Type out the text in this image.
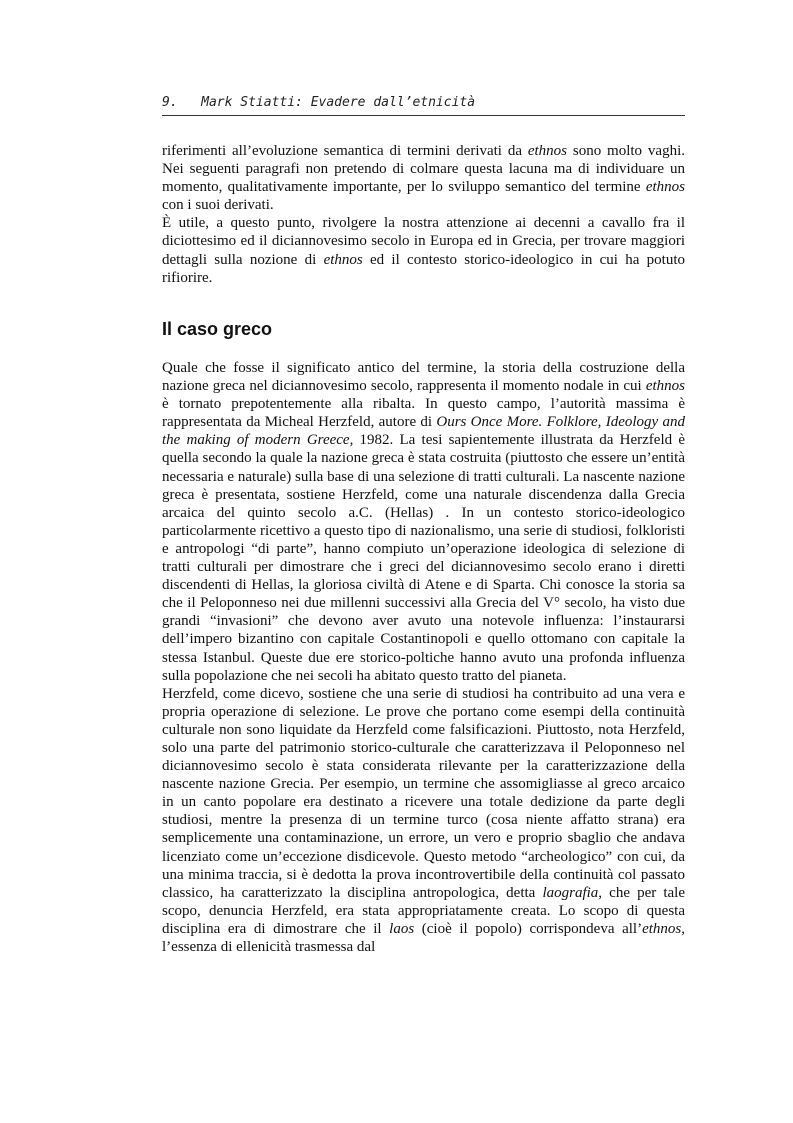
9.   Mark Stiatti: Evadere dall’etnicità

riferimenti all’evoluzione semantica di termini derivati da ethnos sono molto vaghi. Nei seguenti paragrafi non pretendo di colmare questa lacuna ma di individuare un momento, qualitativamente importante, per lo sviluppo semantico del termine ethnos con i suoi derivati.

È utile, a questo punto, rivolgere la nostra attenzione ai decenni a cavallo fra il diciottesimo ed il diciannovesimo secolo in Europa ed in Grecia, per trovare maggiori dettagli sulla nozione di ethnos ed il contesto storico-ideologico in cui ha potuto rifiorire.

Il caso greco

Quale che fosse il significato antico del termine, la storia della costruzione della nazione greca nel diciannovesimo secolo, rappresenta il momento nodale in cui ethnos è tornato prepotentemente alla ribalta. In questo campo, l’autorità massima è rappresentata da Micheal Herzfeld, autore di Ours Once More. Folklore, Ideology and the making of modern Greece, 1982. La tesi sapientemente illustrata da Herzfeld è quella secondo la quale la nazione greca è stata costruita (piuttosto che essere un’entità necessaria e naturale) sulla base di una selezione di tratti culturali. La nascente nazione greca è presentata, sostiene Herzfeld, come una naturale discendenza dalla Grecia arcaica del quinto secolo a.C. (Hellas) . In un contesto storico-ideologico particolarmente ricettivo a questo tipo di nazionalismo, una serie di studiosi, folkloristi e antropologi “di parte”, hanno compiuto un’operazione ideologica di selezione di tratti culturali per dimostrare che i greci del diciannovesimo secolo erano i diretti discendenti di Hellas, la gloriosa civiltà di Atene e di Sparta. Chi conosce la storia sa che il Peloponneso nei due millenni successivi alla Grecia del V° secolo, ha visto due grandi “invasioni” che devono aver avuto una notevole influenza: l’instaurarsi dell’impero bizantino con capitale Costantinopoli e quello ottomano con capitale la stessa Istanbul. Queste due ere storico-poltiche hanno avuto una profonda influenza sulla popolazione che nei secoli ha abitato questo tratto del pianeta.

Herzfeld, come dicevo, sostiene che una serie di studiosi ha contribuito ad una vera e propria operazione di selezione. Le prove che portano come esempi della continuità culturale non sono liquidate da Herzfeld come falsificazioni. Piuttosto, nota Herzfeld, solo una parte del patrimonio storico-culturale che caratterizzava il Peloponneso nel diciannovesimo secolo è stata considerata rilevante per la caratterizzazione della nascente nazione Grecia. Per esempio, un termine che assomigliasse al greco arcaico in un canto popolare era destinato a ricevere una totale dedizione da parte degli studiosi, mentre la presenza di un termine turco (cosa niente affatto strana) era semplicemente una contaminazione, un errore, un vero e proprio sbaglio che andava licenziato come un’eccezione disdicevole. Questo metodo “archeologico” con cui, da una minima traccia, si è dedotta la prova incontrovertibile della continuità col passato classico, ha caratterizzato la disciplina antropologica, detta laografia, che per tale scopo, denuncia Herzfeld, era stata appropriatamente creata. Lo scopo di questa disciplina era di dimostrare che il laos (cioè il popolo) corrispondeva all’ethnos, l’essenza di ellenicità trasmessa dal
